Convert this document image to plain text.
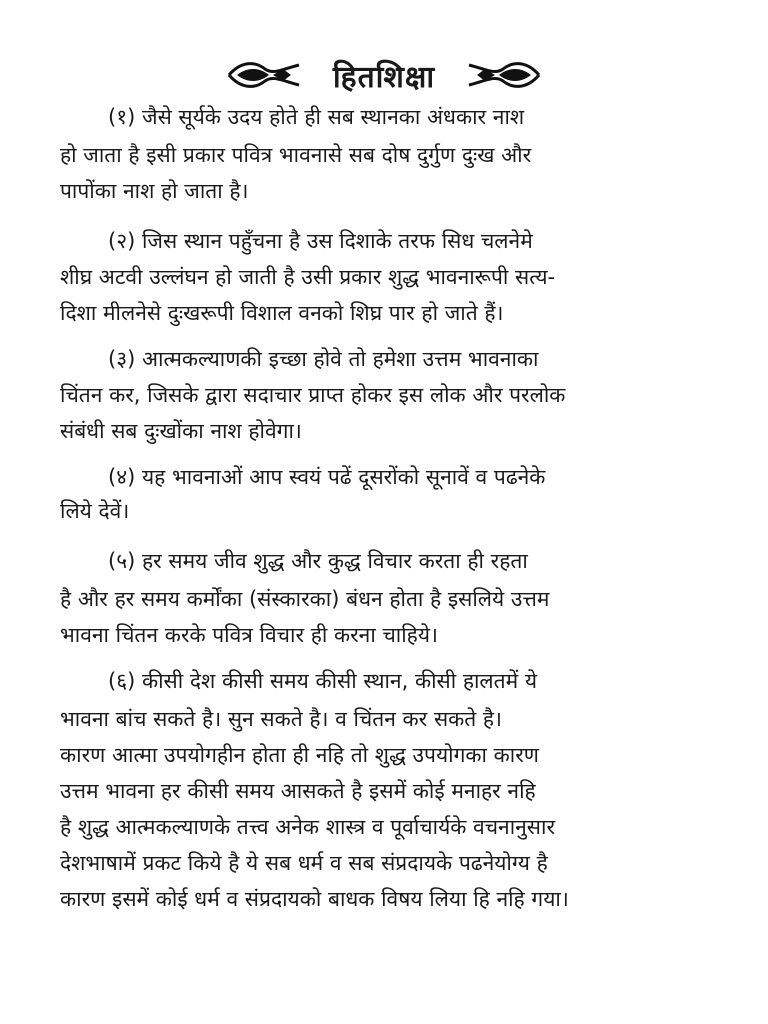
हितशिक्षा
(१) जैसे सूर्यके उदय होते ही सब स्थानका अंधकार नाश
हो जाता है इसी प्रकार पवित्र भावनासे सब दोष दुर्गुण दुःख और
पापोंका नाश हो जाता है।
(२) जिस स्थान पहुँचना है उस दिशाके तरफ सिध चलनेमे
शीघ्र अटवी उल्लंघन हो जाती है उसी प्रकार शुद्ध भावनारूपी सत्य-
दिशा मीलनेसे दुःखरूपी विशाल वनको शिघ्र पार हो जाते हैं।
(३) आत्मकल्याणकी इच्छा होवे तो हमेशा उत्तम भावनाका
चिंतन कर, जिसके द्वारा सदाचार प्राप्त होकर इस लोक और परलोक
संबंधी सब दुःखोंका नाश होवेगा।
(४) यह भावनाओं आप स्वयं पढें दूसरोंको सूनावें व पढनेके
लिये देवें।
(५) हर समय जीव शुद्ध और कुद्ध विचार करता ही रहता
है और हर समय कर्मोंका (संस्कारका) बंधन होता है इसलिये उत्तम
भावना चिंतन करके पवित्र विचार ही करना चाहिये।
(६) कीसी देश कीसी समय कीसी स्थान, कीसी हालतमें ये
भावना बांच सकते है। सुन सकते है। व चिंतन कर सकते है।
कारण आत्मा उपयोगहीन होता ही नहि तो शुद्ध उपयोगका कारण
उत्तम भावना हर कीसी समय आसकते है इसमें कोई मनाहर नहि
है शुद्ध आत्मकल्याणके तत्त्व अनेक शास्त्र व पूर्वाचार्यके वचनानुसार
देशभाषामें प्रकट किये है ये सब धर्म व सब संप्रदायके पढनेयोग्य है
कारण इसमें कोई धर्म व संप्रदायको बाधक विषय लिया हि नहि गया।
